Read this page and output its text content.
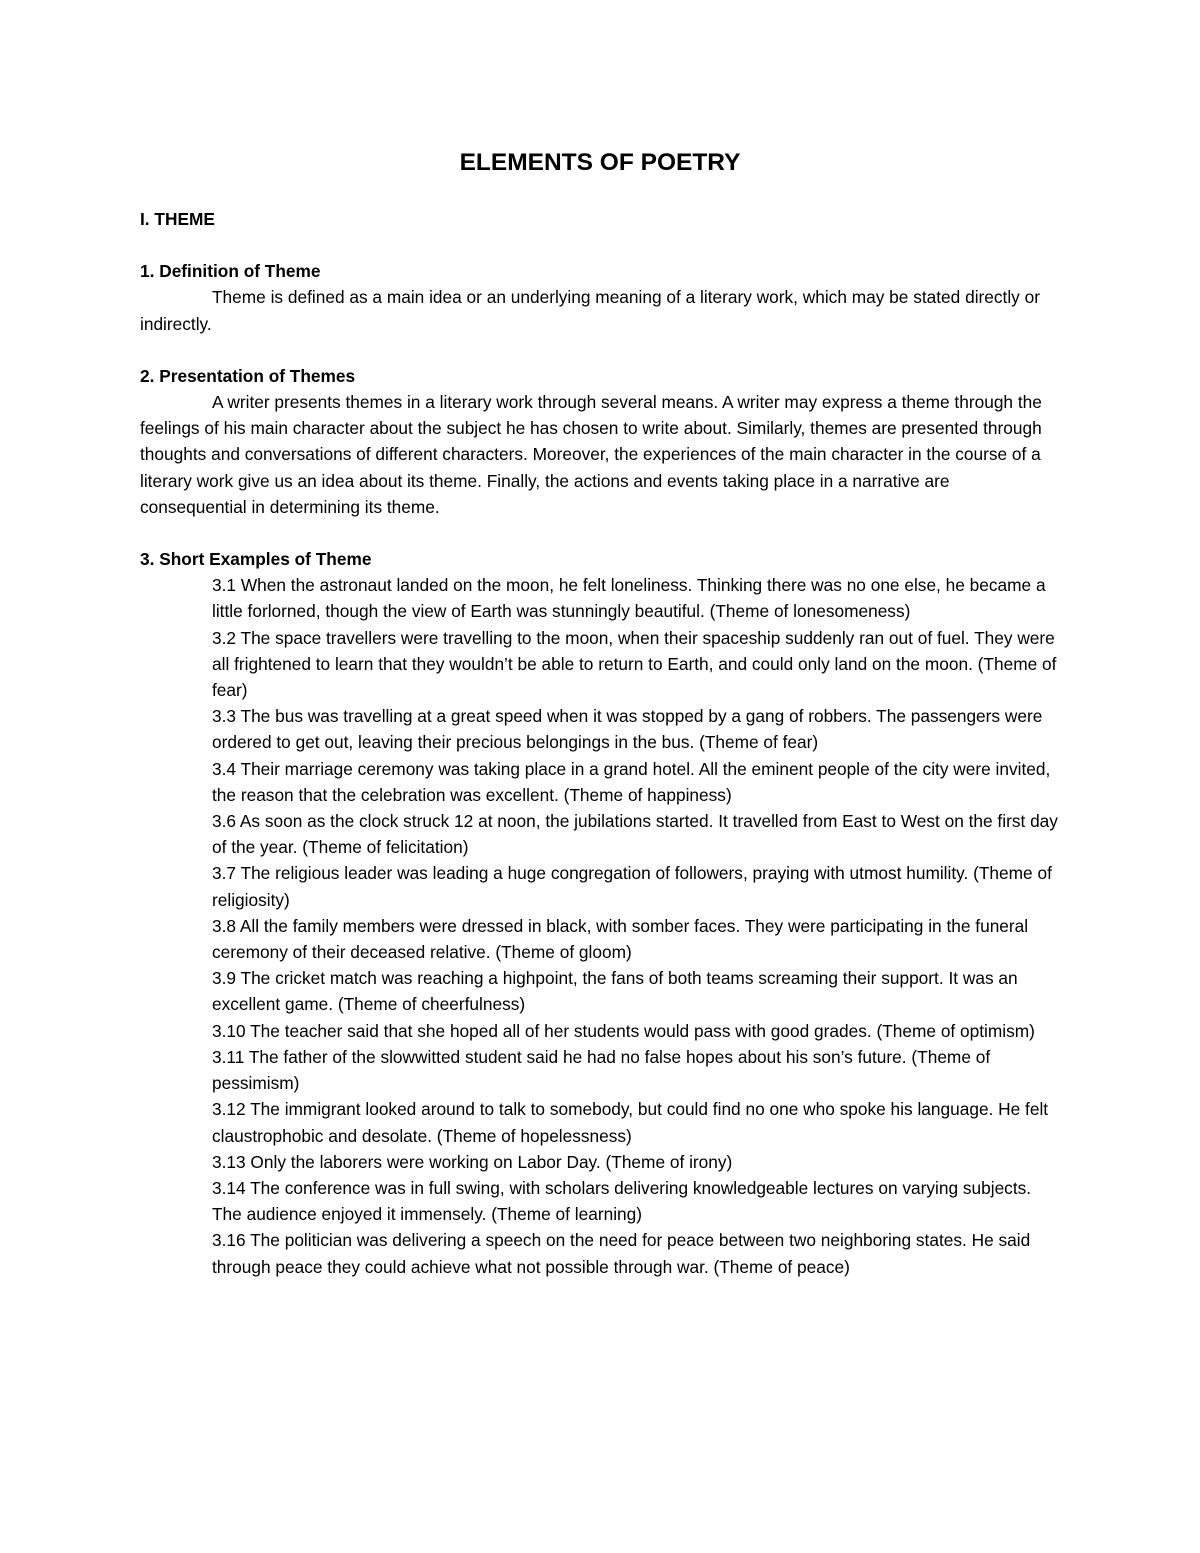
ELEMENTS OF POETRY
I. THEME
1. Definition of Theme

Theme is defined as a main idea or an underlying meaning of a literary work, which may be stated directly or indirectly.

2. Presentation of Themes

A writer presents themes in a literary work through several means. A writer may express a theme through the feelings of his main character about the subject he has chosen to write about. Similarly, themes are presented through thoughts and conversations of different characters. Moreover, the experiences of the main character in the course of a literary work give us an idea about its theme. Finally, the actions and events taking place in a narrative are consequential in determining its theme.

3. Short Examples of Theme
3.1 When the astronaut landed on the moon, he felt loneliness. Thinking there was no one else, he became a little forlorned, though the view of Earth was stunningly beautiful. (Theme of lonesomeness)
3.2 The space travellers were travelling to the moon, when their spaceship suddenly ran out of fuel. They were all frightened to learn that they wouldn’t be able to return to Earth, and could only land on the moon. (Theme of fear)
3.3 The bus was travelling at a great speed when it was stopped by a gang of robbers. The passengers were ordered to get out, leaving their precious belongings in the bus. (Theme of fear)
3.4 Their marriage ceremony was taking place in a grand hotel. All the eminent people of the city were invited, the reason that the celebration was excellent. (Theme of happiness)
3.6 As soon as the clock struck 12 at noon, the jubilations started. It travelled from East to West on the first day of the year. (Theme of felicitation)
3.7 The religious leader was leading a huge congregation of followers, praying with utmost humility. (Theme of religiosity)
3.8 All the family members were dressed in black, with somber faces. They were participating in the funeral ceremony of their deceased relative. (Theme of gloom)
3.9 The cricket match was reaching a highpoint, the fans of both teams screaming their support. It was an excellent game. (Theme of cheerfulness)
3.10 The teacher said that she hoped all of her students would pass with good grades. (Theme of optimism)
3.11 The father of the slowwitted student said he had no false hopes about his son’s future. (Theme of pessimism)
3.12 The immigrant looked around to talk to somebody, but could find no one who spoke his language. He felt claustrophobic and desolate. (Theme of hopelessness)
3.13 Only the laborers were working on Labor Day. (Theme of irony)
3.14 The conference was in full swing, with scholars delivering knowledgeable lectures on varying subjects. The audience enjoyed it immensely. (Theme of learning)
3.16 The politician was delivering a speech on the need for peace between two neighboring states. He said through peace they could achieve what not possible through war. (Theme of peace)
